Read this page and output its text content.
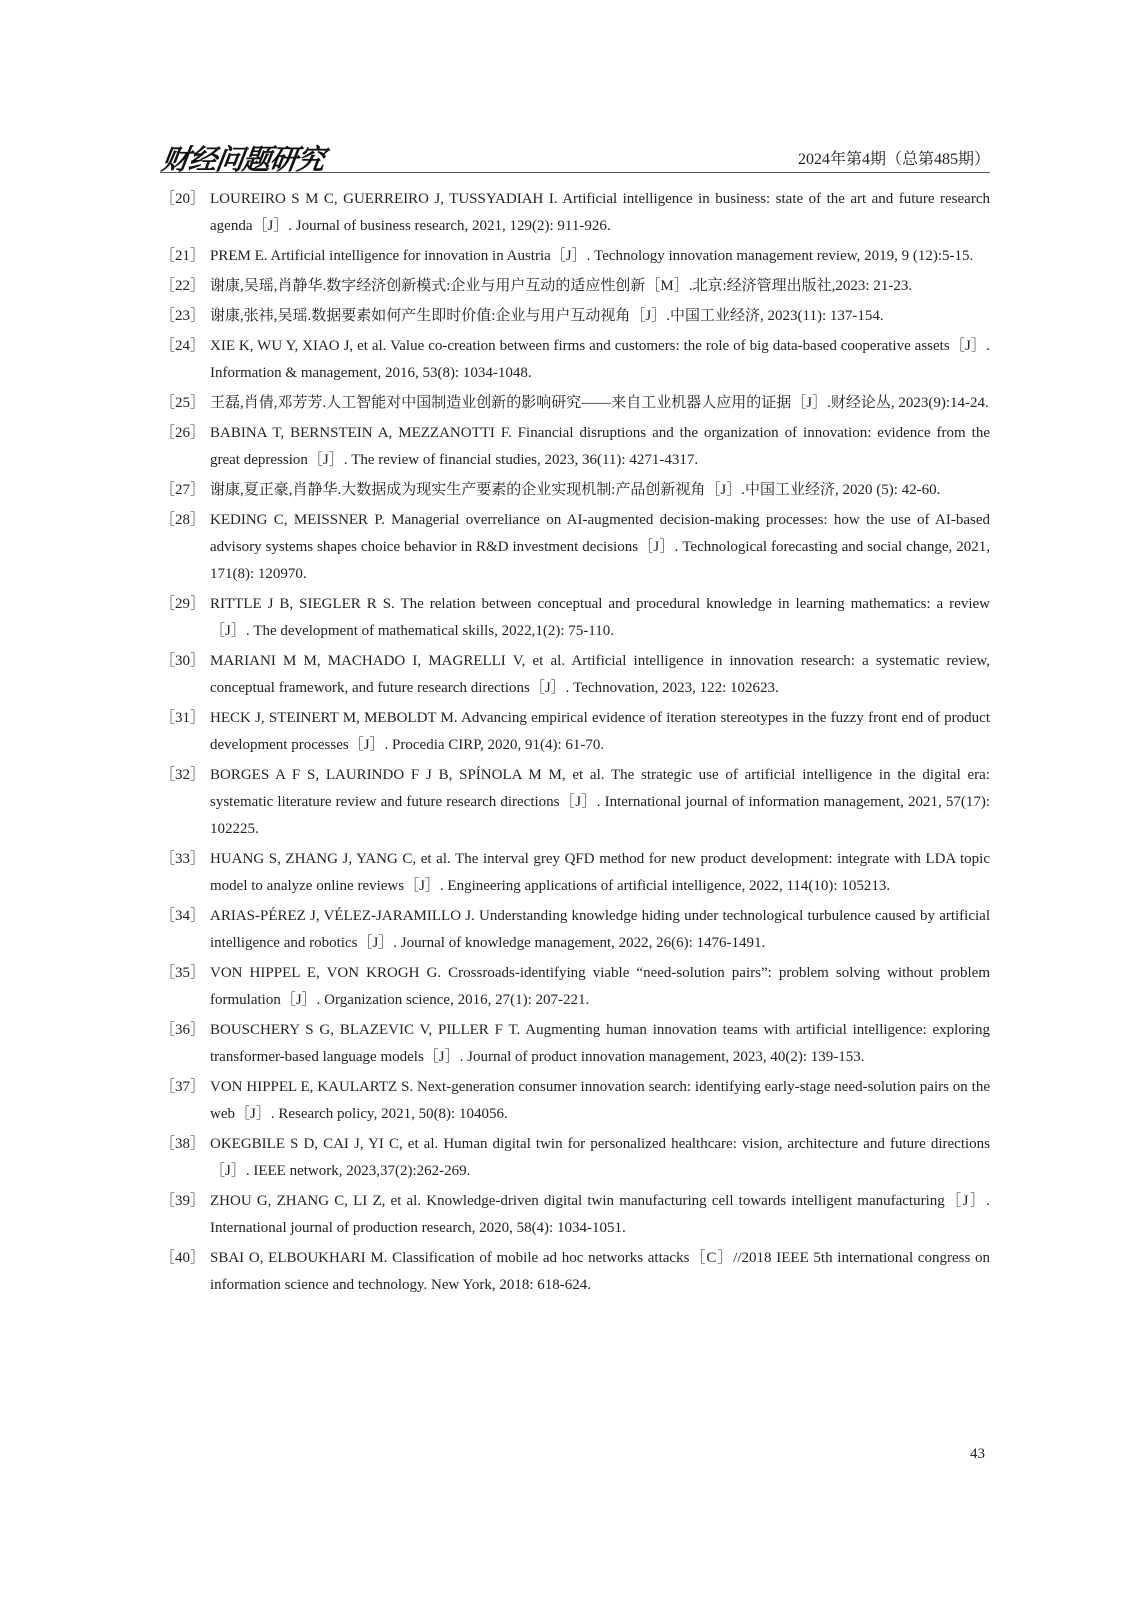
财经问题研究	2024年第4期（总第485期）
［20］ LOUREIRO S M C, GUERREIRO J, TUSSYADIAH I. Artificial intelligence in business: state of the art and future research agenda［J］. Journal of business research, 2021, 129(2): 911-926.
［21］ PREM E. Artificial intelligence for innovation in Austria［J］. Technology innovation management review, 2019, 9 (12):5-15.
［22］ 谢康,吴瑶,肖静华.数字经济创新模式:企业与用户互动的适应性创新［M］.北京:经济管理出版社,2023: 21-23.
［23］ 谢康,张祎,吴瑶.数据要素如何产生即时价值:企业与用户互动视角［J］.中国工业经济, 2023(11): 137-154.
［24］ XIE K, WU Y, XIAO J, et al. Value co-creation between firms and customers: the role of big data-based cooperative assets［J］. Information & management, 2016, 53(8): 1034-1048.
［25］ 王磊,肖倩,邓芳芳.人工智能对中国制造业创新的影响研究——来自工业机器人应用的证据［J］.财经论丛, 2023(9):14-24.
［26］ BABINA T, BERNSTEIN A, MEZZANOTTI F. Financial disruptions and the organization of innovation: evidence from the great depression［J］. The review of financial studies, 2023, 36(11): 4271-4317.
［27］ 谢康,夏正豪,肖静华.大数据成为现实生产要素的企业实现机制:产品创新视角［J］.中国工业经济, 2020 (5): 42-60.
［28］ KEDING C, MEISSNER P. Managerial overreliance on AI-augmented decision-making processes: how the use of AI-based advisory systems shapes choice behavior in R&D investment decisions［J］. Technological forecasting and social change, 2021, 171(8): 120970.
［29］ RITTLE J B, SIEGLER R S. The relation between conceptual and procedural knowledge in learning mathematics: a review［J］. The development of mathematical skills, 2022,1(2): 75-110.
［30］ MARIANI M M, MACHADO I, MAGRELLI V, et al. Artificial intelligence in innovation research: a systematic review, conceptual framework, and future research directions［J］. Technovation, 2023, 122: 102623.
［31］ HECK J, STEINERT M, MEBOLDT M. Advancing empirical evidence of iteration stereotypes in the fuzzy front end of product development processes［J］. Procedia CIRP, 2020, 91(4): 61-70.
［32］ BORGES A F S, LAURINDO F J B, SPÍNOLA M M, et al. The strategic use of artificial intelligence in the digital era: systematic literature review and future research directions［J］. International journal of information management, 2021, 57(17): 102225.
［33］ HUANG S, ZHANG J, YANG C, et al. The interval grey QFD method for new product development: integrate with LDA topic model to analyze online reviews［J］. Engineering applications of artificial intelligence, 2022, 114(10): 105213.
［34］ ARIAS-PÉREZ J, VÉLEZ-JARAMILLO J. Understanding knowledge hiding under technological turbulence caused by artificial intelligence and robotics［J］. Journal of knowledge management, 2022, 26(6): 1476-1491.
［35］ VON HIPPEL E, VON KROGH G. Crossroads-identifying viable “need-solution pairs”: problem solving without problem formulation［J］. Organization science, 2016, 27(1): 207-221.
［36］ BOUSCHERY S G, BLAZEVIC V, PILLER F T. Augmenting human innovation teams with artificial intelligence: exploring transformer-based language models［J］. Journal of product innovation management, 2023, 40(2): 139-153.
［37］ VON HIPPEL E, KAULARTZ S. Next-generation consumer innovation search: identifying early-stage need-solution pairs on the web［J］. Research policy, 2021, 50(8): 104056.
［38］ OKEGBILE S D, CAI J, YI C, et al. Human digital twin for personalized healthcare: vision, architecture and future directions［J］. IEEE network, 2023,37(2):262-269.
［39］ ZHOU G, ZHANG C, LI Z, et al. Knowledge-driven digital twin manufacturing cell towards intelligent manufacturing［J］. International journal of production research, 2020, 58(4): 1034-1051.
［40］ SBAI O, ELBOUKHARI M. Classification of mobile ad hoc networks attacks［C］//2018 IEEE 5th international congress on information science and technology. New York, 2018: 618-624.
43
